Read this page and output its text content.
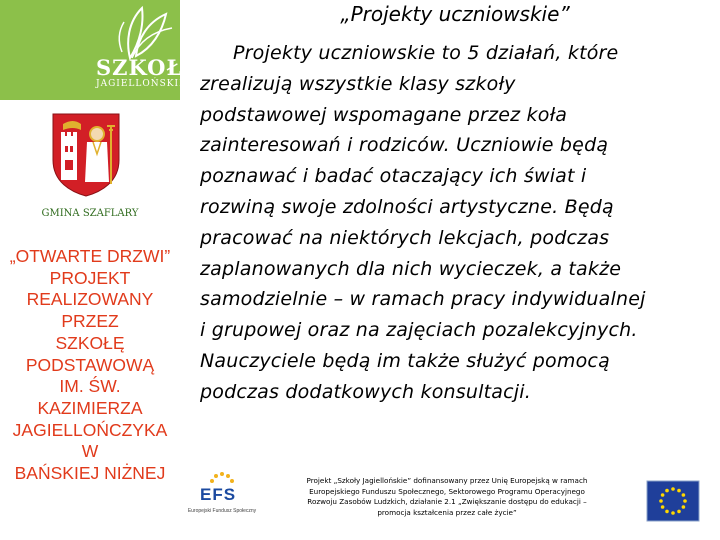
SZKOŁY
JAGIELLOŃSKIE
GMINA SZAFLARY
„OTWARTE DRZWI”
PROJEKT
REALIZOWANY
PRZEZ
SZKOŁĘ
PODSTAWOWĄ
IM. ŚW.
KAZIMIERZA
JAGIELLOŃCZYKA
W
BAŃSKIEJ NIŻNEJ
„Projekty uczniowskie”
Projekty uczniowskie to 5 działań, które
zrealizują wszystkie klasy szkoły
podstawowej wspomagane przez koła
zainteresowań i rodziców. Uczniowie będą
poznawać i badać otaczający ich świat i
rozwiną swoje zdolności artystyczne. Będą
pracować na niektórych lekcjach, podczas
zaplanowanych dla nich wycieczek, a także
samodzielnie – w ramach pracy indywidualnej
i grupowej oraz na zajęciach pozalekcyjnych.
Nauczyciele będą im także służyć pomocą
podczas dodatkowych konsultacji.
EFS
Europejski Fundusz Społeczny
Projekt „Szkoły Jagiellońskie” dofinansowany przez Unię Europejską w ramach
Europejskiego Funduszu Społecznego, Sektorowego Programu Operacyjnego
Rozwoju Zasobów Ludzkich, działanie 2.1 „Zwiększanie dostępu do edukacji –
promocja kształcenia przez całe życie”
